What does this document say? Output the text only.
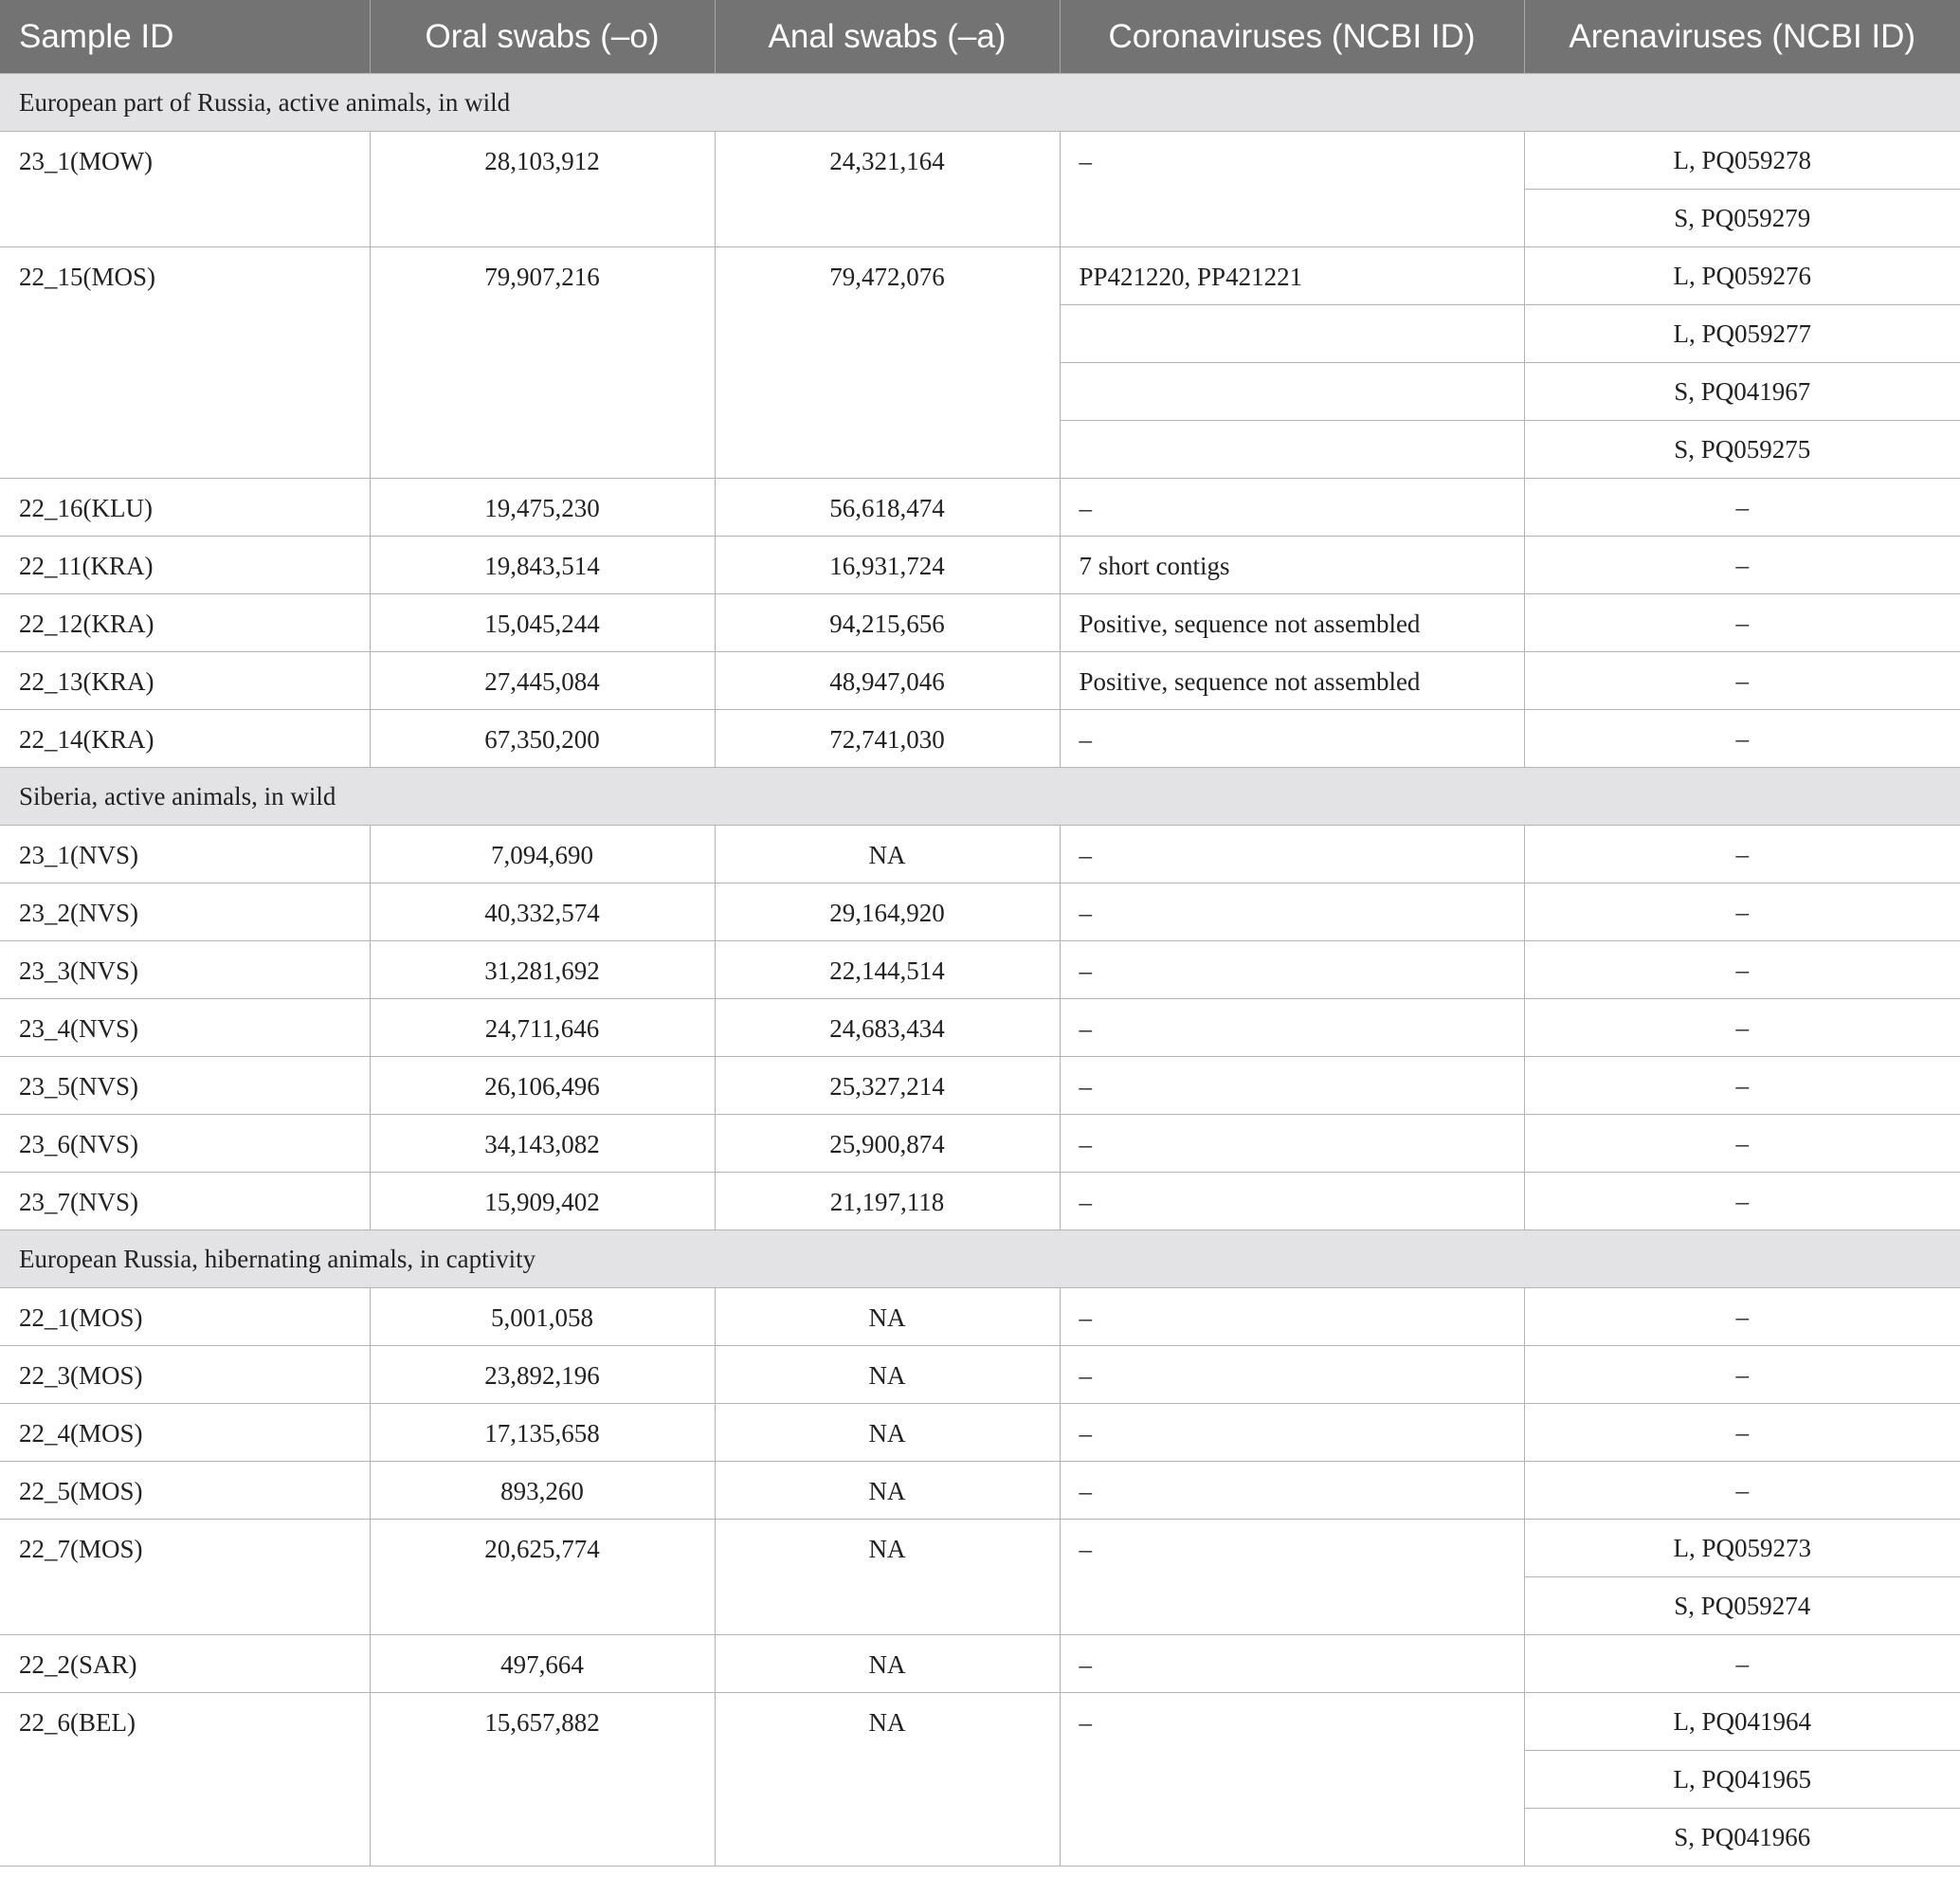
Sample ID	Oral swabs (–o)	Anal swabs (–a)	Coronaviruses (NCBI ID)	Arenaviruses (NCBI ID)
European part of Russia, active animals, in wild				
23_1(MOW)	28,103,912	24,321,164	–	L, PQ059278
				S, PQ059279
22_15(MOS)	79,907,216	79,472,076	PP421220, PP421221	L, PQ059276
				L, PQ059277
				S, PQ041967
				S, PQ059275
22_16(KLU)	19,475,230	56,618,474	–	–
22_11(KRA)	19,843,514	16,931,724	7 short contigs	–
22_12(KRA)	15,045,244	94,215,656	Positive, sequence not assembled	–
22_13(KRA)	27,445,084	48,947,046	Positive, sequence not assembled	–
22_14(KRA)	67,350,200	72,741,030	–	–
Siberia, active animals, in wild				
23_1(NVS)	7,094,690	NA	–	–
23_2(NVS)	40,332,574	29,164,920	–	–
23_3(NVS)	31,281,692	22,144,514	–	–
23_4(NVS)	24,711,646	24,683,434	–	–
23_5(NVS)	26,106,496	25,327,214	–	–
23_6(NVS)	34,143,082	25,900,874	–	–
23_7(NVS)	15,909,402	21,197,118	–	–
European Russia, hibernating animals, in captivity				
22_1(MOS)	5,001,058	NA	–	–
22_3(MOS)	23,892,196	NA	–	–
22_4(MOS)	17,135,658	NA	–	–
22_5(MOS)	893,260	NA	–	–
22_7(MOS)	20,625,774	NA	–	L, PQ059273
				S, PQ059274
22_2(SAR)	497,664	NA	–	–
22_6(BEL)	15,657,882	NA	–	L, PQ041964
				L, PQ041965
				S, PQ041966
